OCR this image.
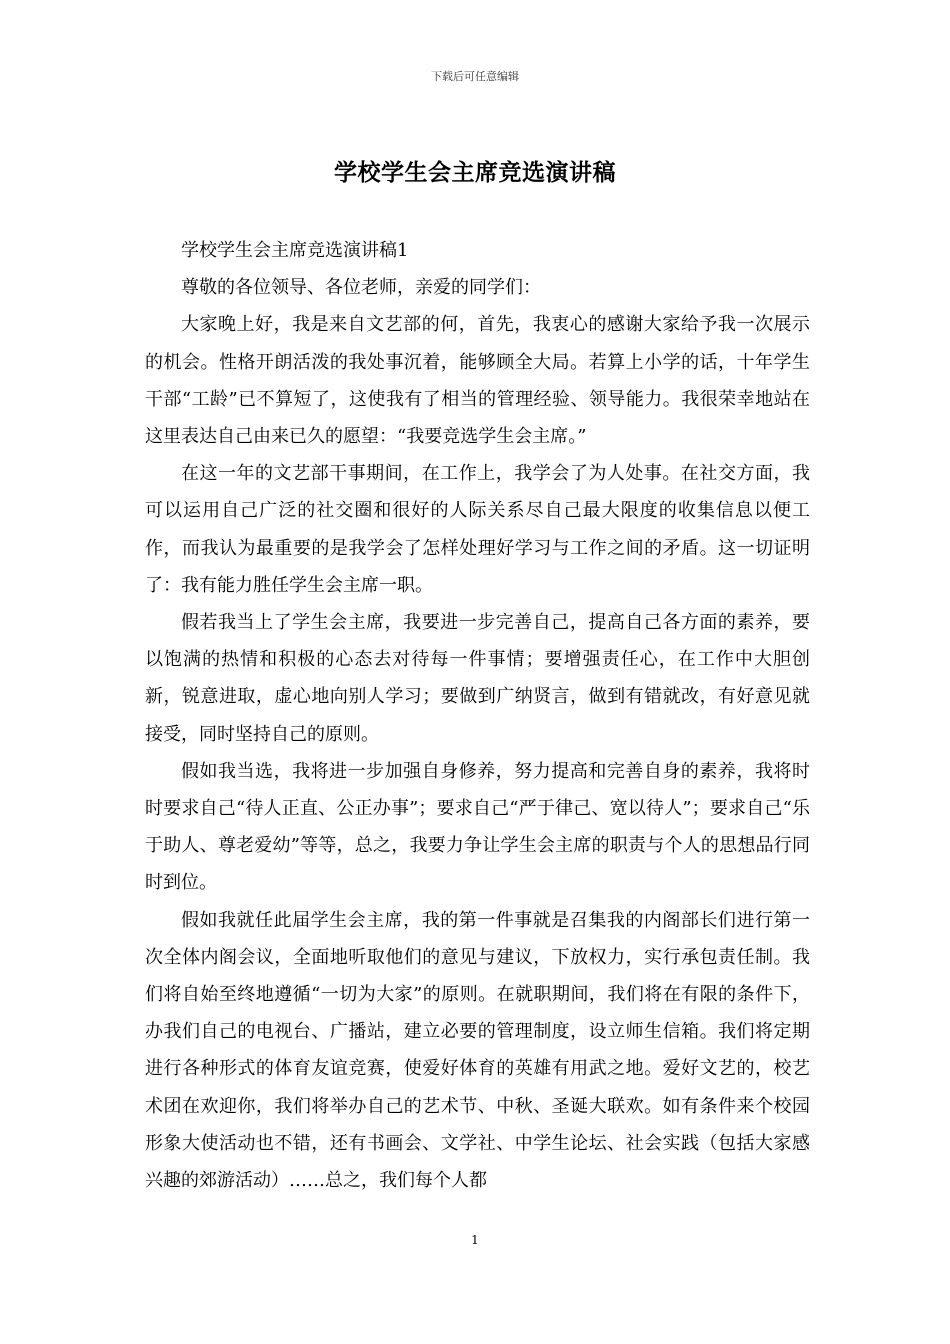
下载后可任意编辑
学校学生会主席竞选演讲稿

学校学生会主席竞选演讲稿1

尊敬的各位领导、各位老师，亲爱的同学们：

大家晚上好，我是来自文艺部的何，首先，我衷心的感谢大家给予我一次展示的机会。性格开朗活泼的我处事沉着，能够顾全大局。若算上小学的话，十年学生干部“工龄”已不算短了，这使我有了相当的管理经验、领导能力。我很荣幸地站在这里表达自己由来已久的愿望：“我要竞选学生会主席。”

在这一年的文艺部干事期间，在工作上，我学会了为人处事。在社交方面，我可以运用自己广泛的社交圈和很好的人际关系尽自己最大限度的收集信息以便工作，而我认为最重要的是我学会了怎样处理好学习与工作之间的矛盾。这一切证明了：我有能力胜任学生会主席一职。

假若我当上了学生会主席，我要进一步完善自己，提高自己各方面的素养，要以饱满的热情和积极的心态去对待每一件事情；要增强责任心，在工作中大胆创新，锐意进取，虚心地向别人学习；要做到广纳贤言，做到有错就改，有好意见就接受，同时坚持自己的原则。

假如我当选，我将进一步加强自身修养，努力提高和完善自身的素养，我将时时要求自己“待人正直、公正办事”；要求自己“严于律己、宽以待人”；要求自己“乐于助人、尊老爱幼”等等，总之，我要力争让学生会主席的职责与个人的思想品行同时到位。

假如我就任此届学生会主席，我的第一件事就是召集我的内阁部长们进行第一次全体内阁会议，全面地听取他们的意见与建议，下放权力，实行承包责任制。我们将自始至终地遵循“一切为大家”的原则。在就职期间，我们将在有限的条件下，办我们自己的电视台、广播站，建立必要的管理制度，设立师生信箱。我们将定期进行各种形式的体育友谊竞赛，使爱好体育的英雄有用武之地。爱好文艺的，校艺术团在欢迎你，我们将举办自己的艺术节、中秋、圣诞大联欢。如有条件来个校园形象大使活动也不错，还有书画会、文学社、中学生论坛、社会实践（包括大家感兴趣的郊游活动）……总之，我们每个人都

1
